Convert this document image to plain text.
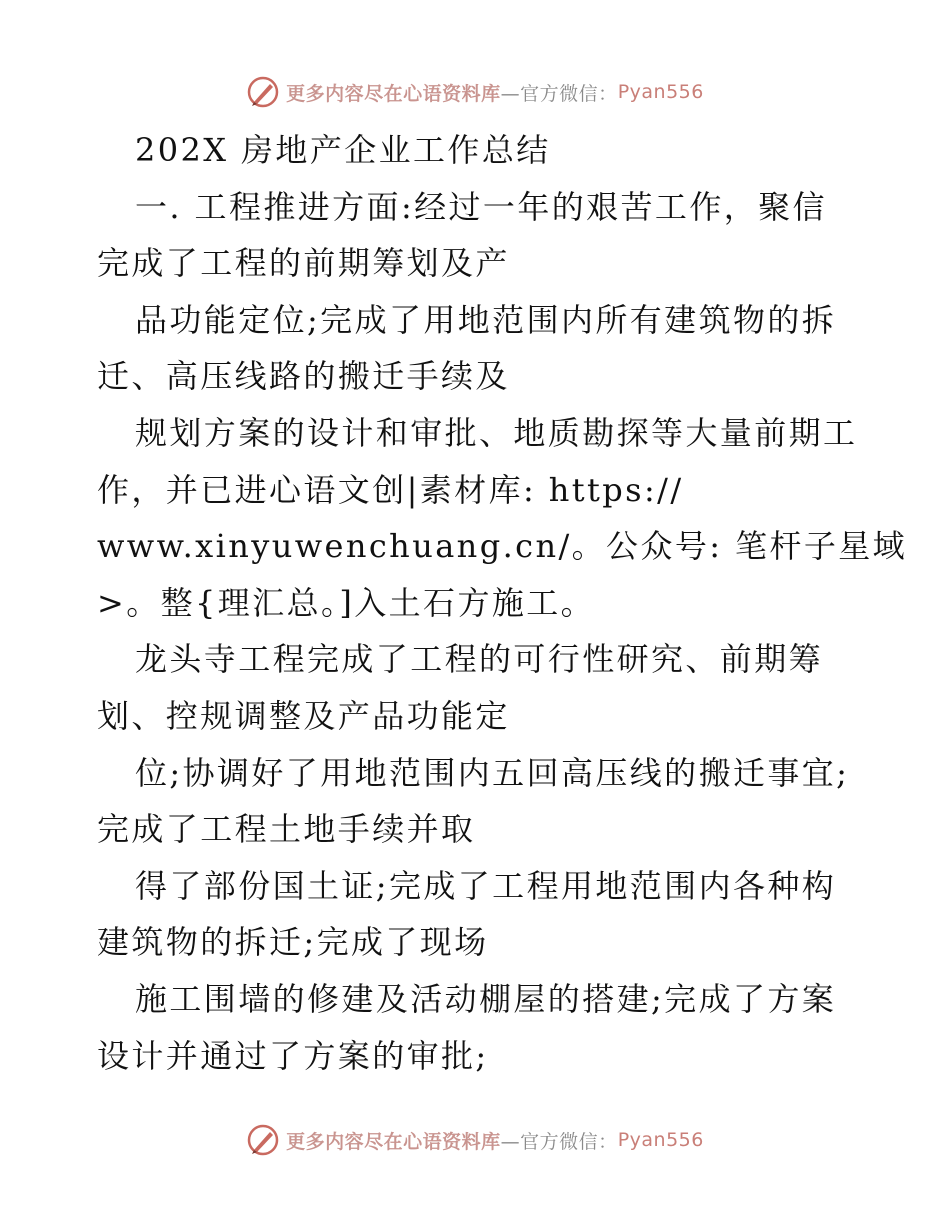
更多内容尽在心语资料库 —官方微信： Pyan556
202X 房地产企业工作总结
一. 工程推进方面:经过一年的艰苦工作，聚信
完成了工程的前期筹划及产
品功能定位;完成了用地范围内所有建筑物的拆
迁、高压线路的搬迁手续及
规划方案的设计和审批、地质勘探等大量前期工
作，并已进心语文创|素材库: https://
www.xinyuwenchuang.cn/。公众号: 笔杆子星域
>。整{理汇总。]入土石方施工。
龙头寺工程完成了工程的可行性研究、前期筹
划、控规调整及产品功能定
位;协调好了用地范围内五回高压线的搬迁事宜;
完成了工程土地手续并取
得了部份国土证;完成了工程用地范围内各种构
建筑物的拆迁;完成了现场
施工围墙的修建及活动棚屋的搭建;完成了方案
设计并通过了方案的审批;
更多内容尽在心语资料库 —官方微信： Pyan556
